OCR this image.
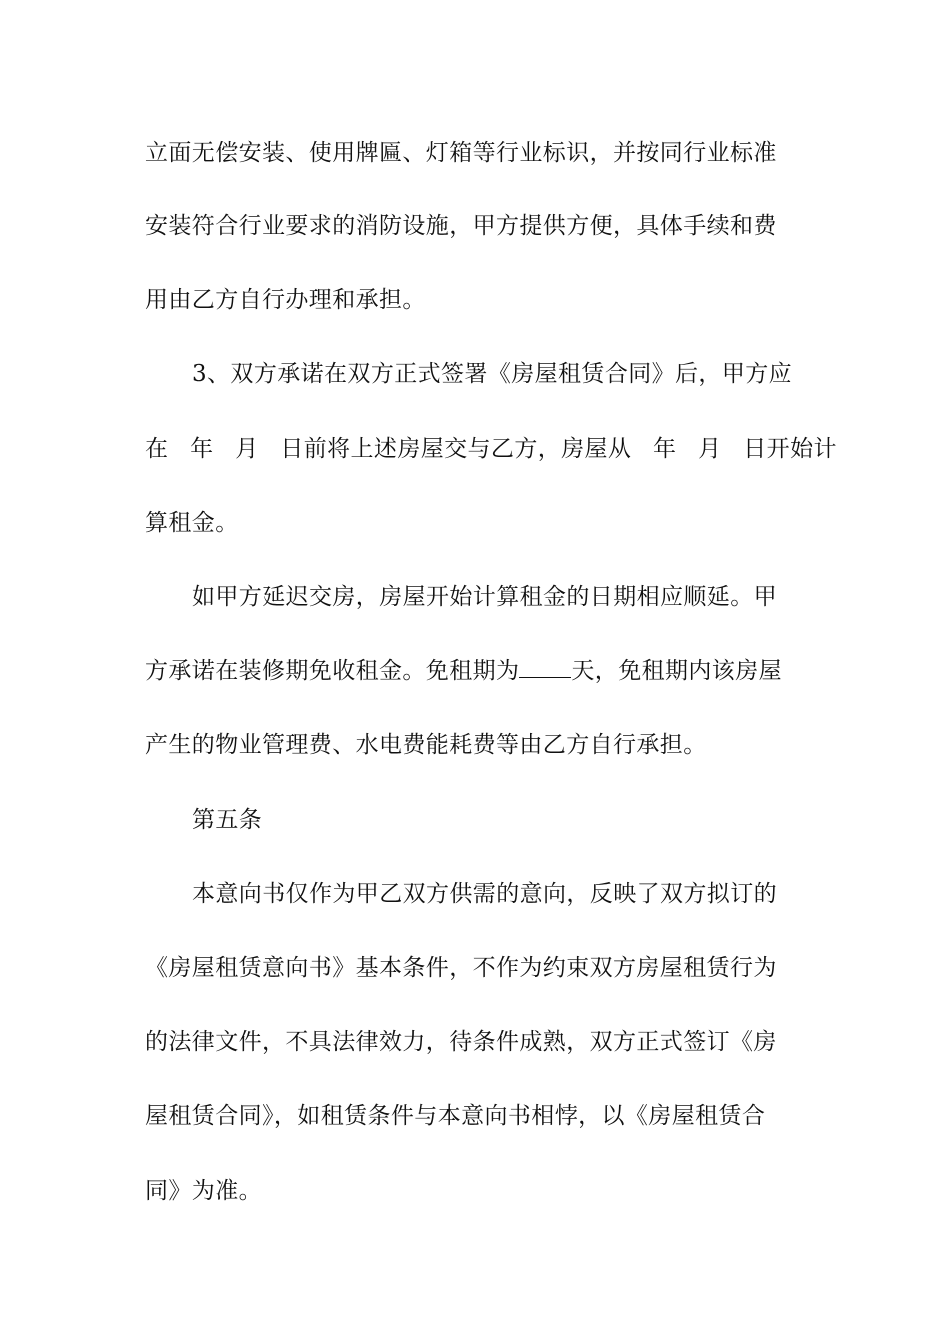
立面无偿安装、使用牌匾、灯箱等行业标识，并按同行业标准
安装符合行业要求的消防设施，甲方提供方便，具体手续和费
用由乙方自行办理和承担。
3、双方承诺在双方正式签署《房屋租赁合同》后，甲方应
在 年 月 日前将上述房屋交与乙方，房屋从 年 月 日开始计
算租金。
如甲方延迟交房，房屋开始计算租金的日期相应顺延。甲
方承诺在装修期免收租金。免租期为 天，免租期内该房屋
产生的物业管理费、水电费能耗费等由乙方自行承担。
第五条
本意向书仅作为甲乙双方供需的意向，反映了双方拟订的
《房屋租赁意向书》基本条件，不作为约束双方房屋租赁行为
的法律文件，不具法律效力，待条件成熟，双方正式签订《房
屋租赁合同》，如租赁条件与本意向书相悖，以《房屋租赁合
同》为准。
